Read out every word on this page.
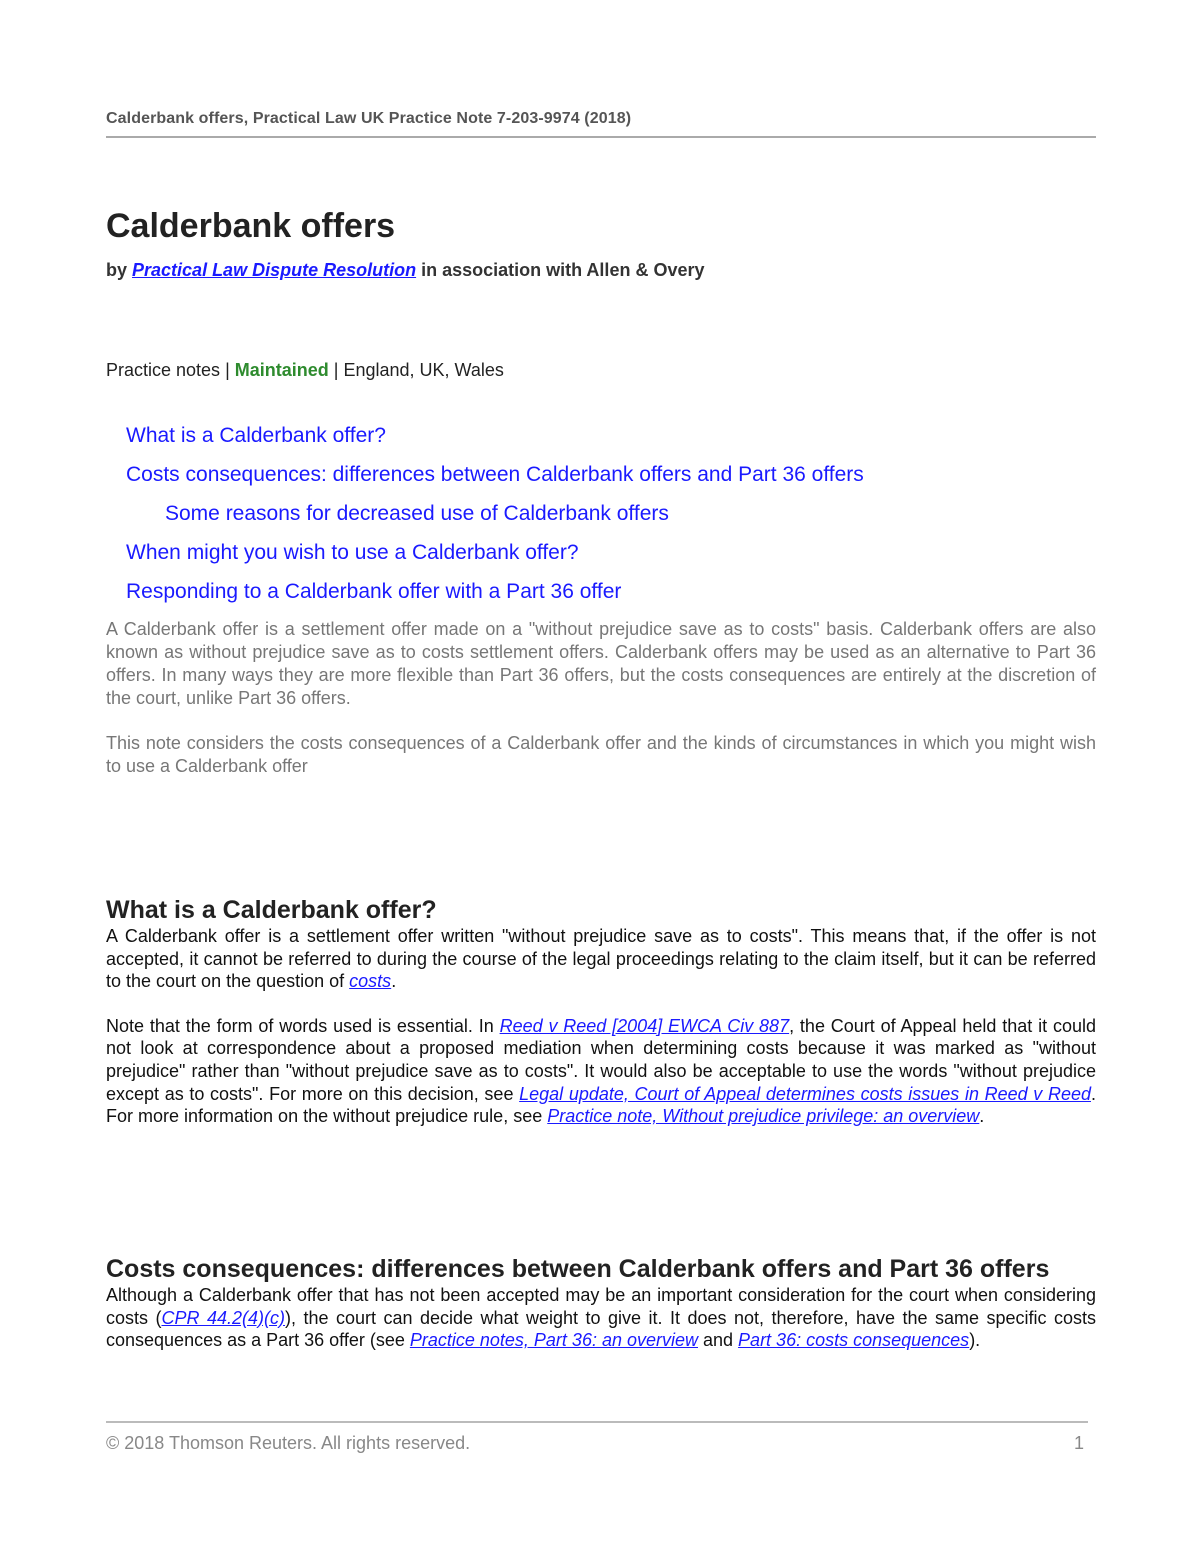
Calderbank offers, Practical Law UK Practice Note 7-203-9974 (2018)
Calderbank offers
by Practical Law Dispute Resolution in association with Allen & Overy
Practice notes | Maintained | England, UK, Wales
What is a Calderbank offer?
Costs consequences: differences between Calderbank offers and Part 36 offers
Some reasons for decreased use of Calderbank offers
When might you wish to use a Calderbank offer?
Responding to a Calderbank offer with a Part 36 offer

A Calderbank offer is a settlement offer made on a "without prejudice save as to costs" basis. Calderbank offers are also known as without prejudice save as to costs settlement offers. Calderbank offers may be used as an alternative to Part 36 offers. In many ways they are more flexible than Part 36 offers, but the costs consequences are entirely at the discretion of the court, unlike Part 36 offers.

This note considers the costs consequences of a Calderbank offer and the kinds of circumstances in which you might wish to use a Calderbank offer

What is a Calderbank offer?

A Calderbank offer is a settlement offer written "without prejudice save as to costs". This means that, if the offer is not accepted, it cannot be referred to during the course of the legal proceedings relating to the claim itself, but it can be referred to the court on the question of costs.

Note that the form of words used is essential. In Reed v Reed [2004] EWCA Civ 887, the Court of Appeal held that it could not look at correspondence about a proposed mediation when determining costs because it was marked as "without prejudice" rather than "without prejudice save as to costs". It would also be acceptable to use the words "without prejudice except as to costs". For more on this decision, see Legal update, Court of Appeal determines costs issues in Reed v Reed. For more information on the without prejudice rule, see Practice note, Without prejudice privilege: an overview.

Costs consequences: differences between Calderbank offers and Part 36 offers

Although a Calderbank offer that has not been accepted may be an important consideration for the court when considering costs (CPR 44.2(4)(c)), the court can decide what weight to give it. It does not, therefore, have the same specific costs consequences as a Part 36 offer (see Practice notes, Part 36: an overview and Part 36: costs consequences).

© 2018 Thomson Reuters. All rights reserved.	1
